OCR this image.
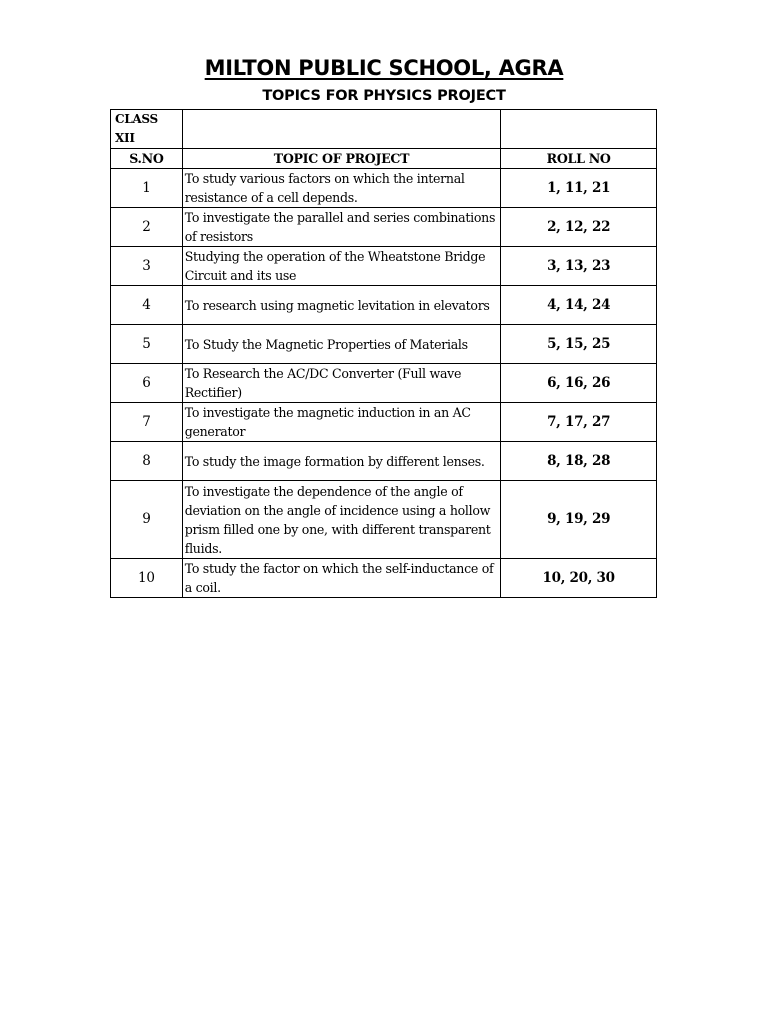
MILTON PUBLIC SCHOOL, AGRA
TOPICS FOR PHYSICS PROJECT
CLASS XII		
S.NO	TOPIC OF PROJECT	ROLL NO
1	To study various factors on which the internal resistance of a cell depends.	1, 11, 21
2	To investigate the parallel and series combinations of resistors	2, 12, 22
3	Studying the operation of the Wheatstone Bridge Circuit and its use	3, 13, 23
4	To research using magnetic levitation in elevators	4, 14, 24
5	To Study the Magnetic Properties of Materials	5, 15, 25
6	To Research the AC/DC Converter (Full wave Rectifier)	6, 16, 26
7	To investigate the magnetic induction in an AC generator	7, 17, 27
8	To study the image formation by different lenses.	8, 18, 28
9	To investigate the dependence of the angle of deviation on the angle of incidence using a hollow prism filled one by one, with different transparent fluids.	9, 19, 29
10	To study the factor on which the self-inductance of a coil.	10, 20, 30
